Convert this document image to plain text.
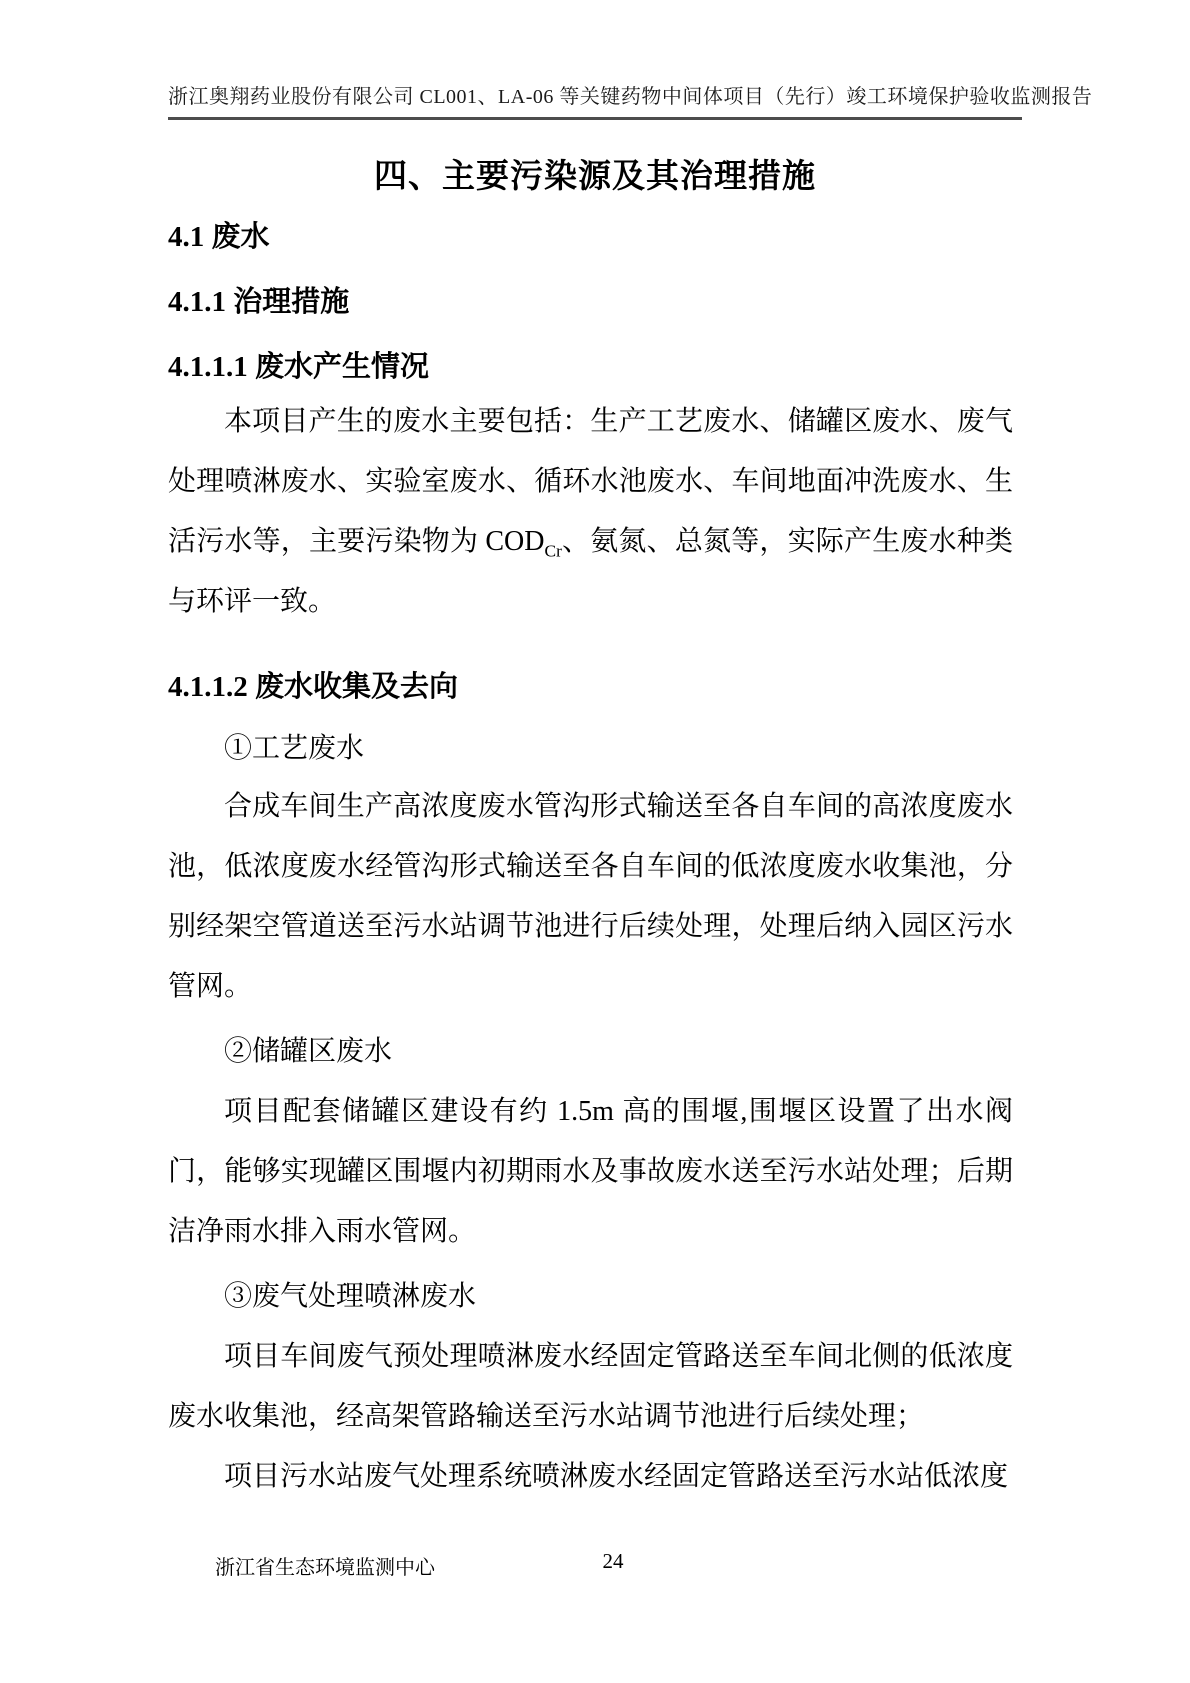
浙江奥翔药业股份有限公司 CL001、LA-06 等关键药物中间体项目（先行）竣工环境保护验收监测报告
四、主要污染源及其治理措施
4.1 废水
4.1.1 治理措施
4.1.1.1 废水产生情况

本项目产生的废水主要包括：生产工艺废水、储罐区废水、废气处理喷淋废水、实验室废水、循环水池废水、车间地面冲洗废水、生活污水等，主要污染物为 $COD_{Cr}$、氨氮、总氮等，实际产生废水种类与环评一致。

4.1.1.2 废水收集及去向

①工艺废水

合成车间生产高浓度废水管沟形式输送至各自车间的高浓度废水池，低浓度废水经管沟形式输送至各自车间的低浓度废水收集池，分别经架空管道送至污水站调节池进行后续处理，处理后纳入园区污水管网。

②储罐区废水

项目配套储罐区建设有约 1.5m 高的围堰,围堰区设置了出水阀门，能够实现罐区围堰内初期雨水及事故废水送至污水站处理；后期洁净雨水排入雨水管网。

③废气处理喷淋废水

项目车间废气预处理喷淋废水经固定管路送至车间北侧的低浓度废水收集池，经高架管路输送至污水站调节池进行后续处理；

项目污水站废气处理系统喷淋废水经固定管路送至污水站低浓度

浙江省生态环境监测中心	24
